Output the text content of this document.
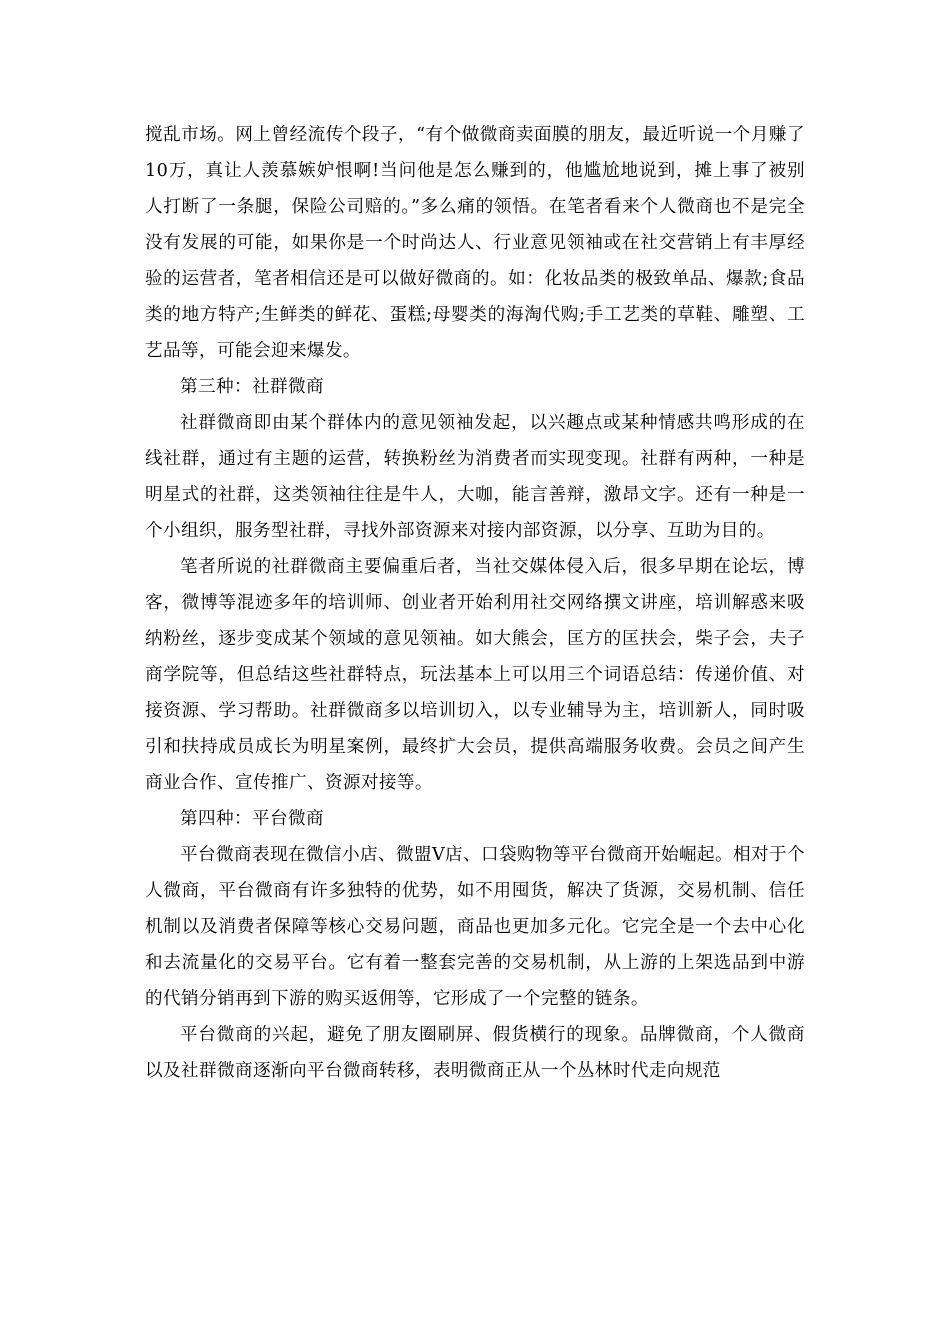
搅乱市场。网上曾经流传个段子，“有个做微商卖面膜的朋友，最近听说一个月赚了10万，真让人羡慕嫉妒恨啊!当问他是怎么赚到的，他尴尬地说到，摊上事了被别人打断了一条腿，保险公司赔的。”多么痛的领悟。在笔者看来个人微商也不是完全没有发展的可能，如果你是一个时尚达人、行业意见领袖或在社交营销上有丰厚经验的运营者，笔者相信还是可以做好微商的。如：化妆品类的极致单品、爆款;食品类的地方特产;生鲜类的鲜花、蛋糕;母婴类的海淘代购;手工艺类的草鞋、雕塑、工艺品等，可能会迎来爆发。

第三种：社群微商

社群微商即由某个群体内的意见领袖发起，以兴趣点或某种情感共鸣形成的在线社群，通过有主题的运营，转换粉丝为消费者而实现变现。社群有两种，一种是明星式的社群，这类领袖往往是牛人，大咖，能言善辩，激昂文字。还有一种是一个小组织，服务型社群，寻找外部资源来对接内部资源，以分享、互助为目的。

笔者所说的社群微商主要偏重后者，当社交媒体侵入后，很多早期在论坛，博客，微博等混迹多年的培训师、创业者开始利用社交网络撰文讲座，培训解惑来吸纳粉丝，逐步变成某个领域的意见领袖。如大熊会，匡方的匡扶会，柴子会，夫子商学院等，但总结这些社群特点，玩法基本上可以用三个词语总结：传递价值、对接资源、学习帮助。社群微商多以培训切入，以专业辅导为主，培训新人，同时吸引和扶持成员成长为明星案例，最终扩大会员，提供高端服务收费。会员之间产生商业合作、宣传推广、资源对接等。

第四种：平台微商

平台微商表现在微信小店、微盟V店、口袋购物等平台微商开始崛起。相对于个人微商，平台微商有许多独特的优势，如不用囤货，解决了货源，交易机制、信任机制以及消费者保障等核心交易问题，商品也更加多元化。它完全是一个去中心化和去流量化的交易平台。它有着一整套完善的交易机制，从上游的上架选品到中游的代销分销再到下游的购买返佣等，它形成了一个完整的链条。

平台微商的兴起，避免了朋友圈刷屏、假货横行的现象。品牌微商，个人微商以及社群微商逐渐向平台微商转移，表明微商正从一个丛林时代走向规范
